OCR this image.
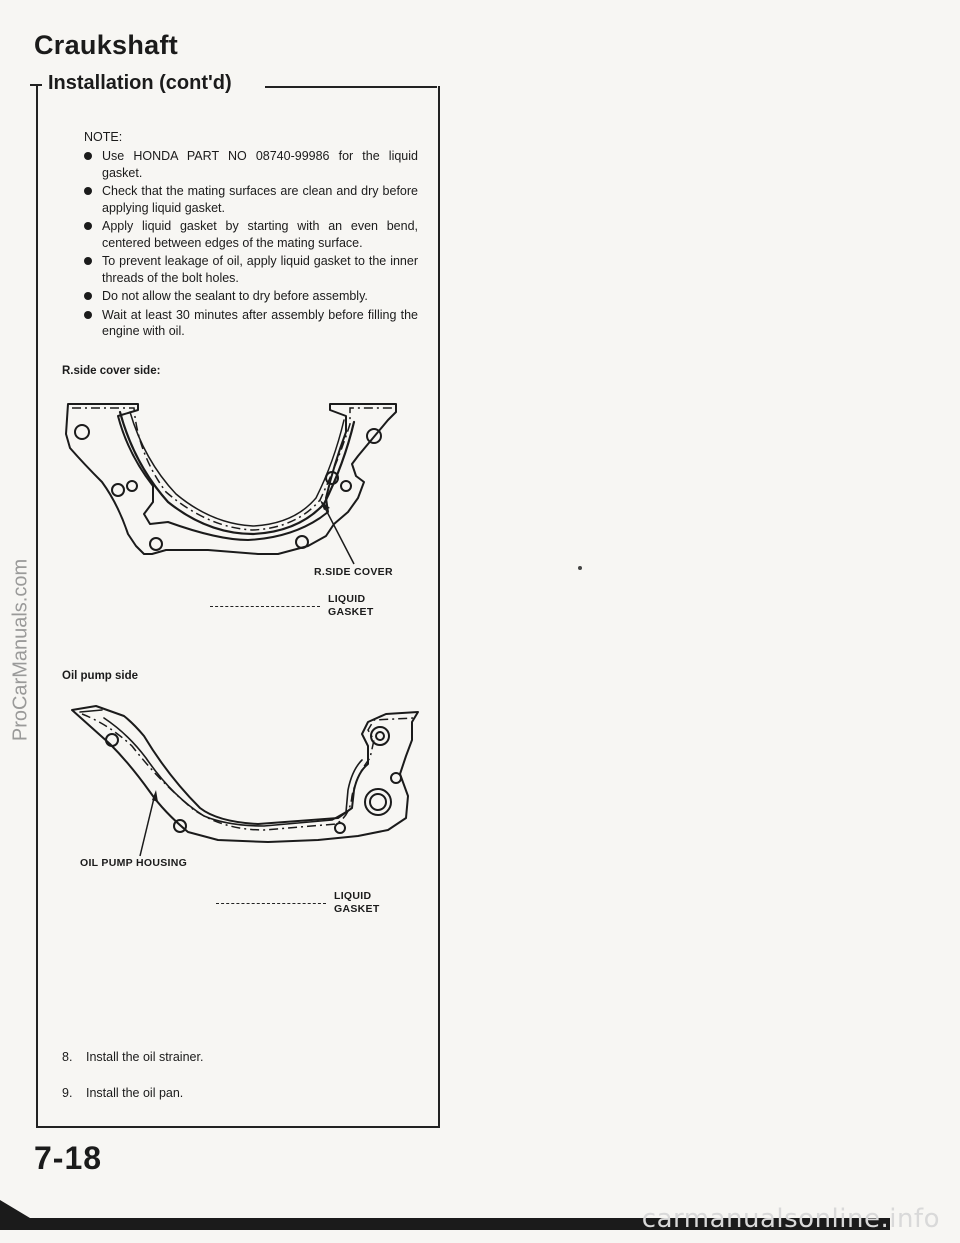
Craukshaft
Installation (cont'd)
NOTE:
Use HONDA PART NO 08740-99986 for the liquid gasket.
Check that the mating surfaces are clean and dry before applying liquid gasket.
Apply liquid gasket by starting with an even bend, centered between edges of the mating surface.
To prevent leakage of oil, apply liquid gasket to the inner threads of the bolt holes.
Do not allow the sealant to dry before assembly.
Wait at least 30 minutes after assembly before filling the engine with oil.
R.side cover side:
R.SIDE COVER
LIQUID
GASKET
Oil pump side
OIL PUMP HOUSING
LIQUID
GASKET
8. Install the oil strainer.
9. Install the oil pan.
7-18
ProCarManuals.com
carmanualsonline.info
